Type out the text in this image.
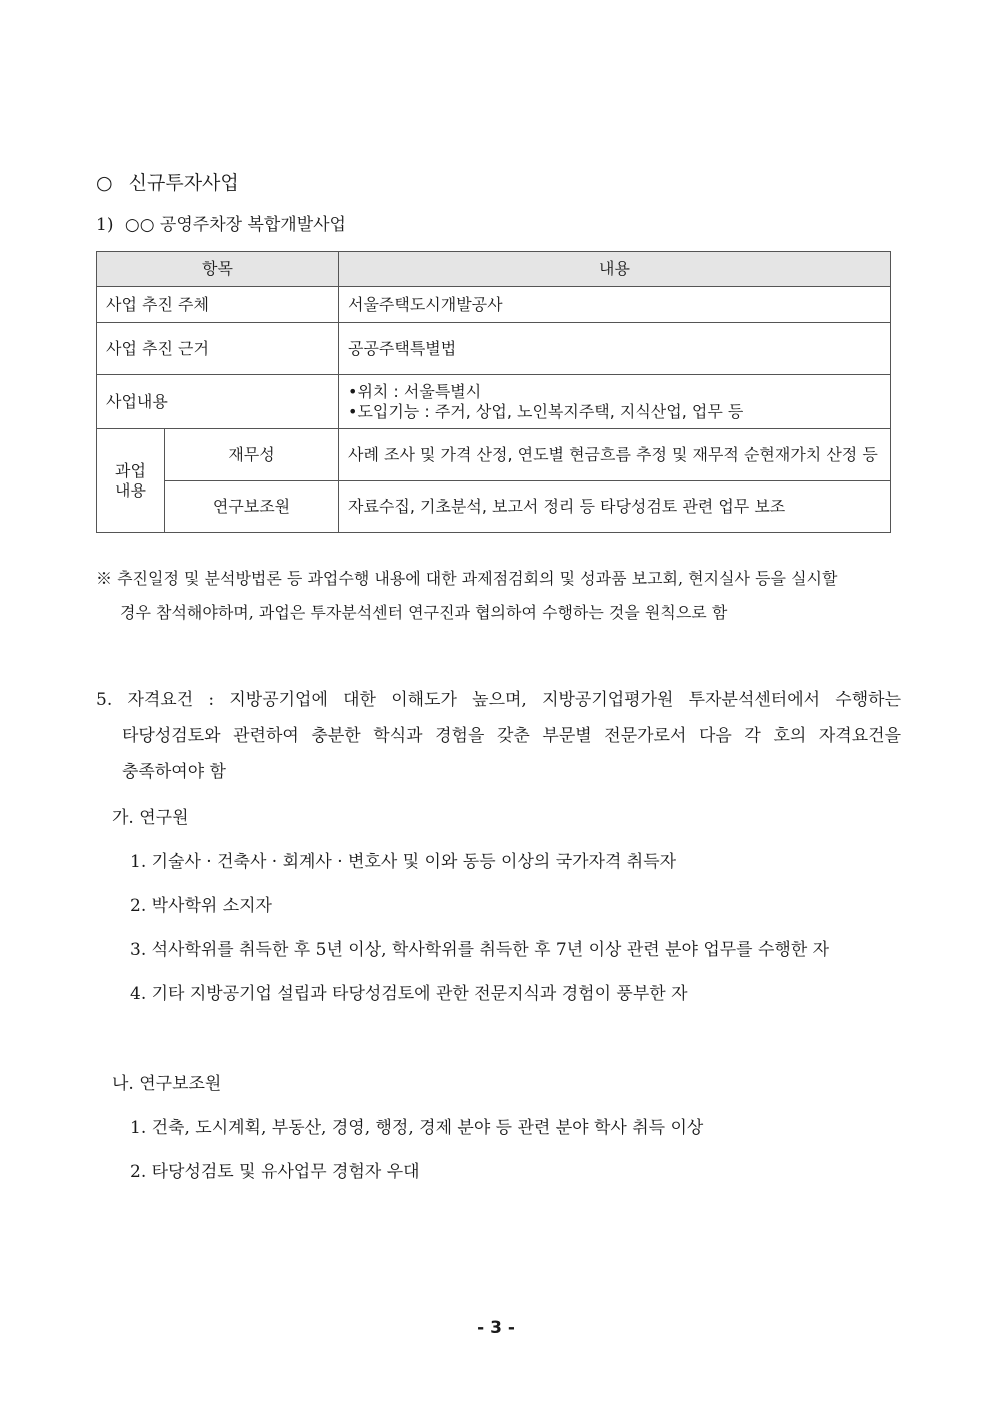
○ 신규투자사업
1) ○○ 공영주차장 복합개발사업
항목		내용
사업 추진 주체		서울주택도시개발공사
사업 추진 근거		공공주택특별법
사업내용		•위치 : 서울특별시
•도입기능 : 주거, 상업, 노인복지주택, 지식산업, 업무 등

과업
내용	재무성	사례 조사 및 가격 산정, 연도별 현금흐름 추정 및 재무적 순현재가치 산정 등
	연구보조원	자료수집, 기초분석, 보고서 정리 등 타당성검토 관련 업무 보조
※ 추진일정 및 분석방법론 등 과업수행 내용에 대한 과제점검회의 및 성과품 보고회, 현지실사 등을 실시할
경우 참석해야하며, 과업은 투자분석센터 연구진과 협의하여 수행하는 것을 원칙으로 함
5. 자격요건 : 지방공기업에 대한 이해도가 높으며, 지방공기업평가원 투자분석센터에서 수행하는
타당성검토와 관련하여 충분한 학식과 경험을 갖춘 부문별 전문가로서 다음 각 호의 자격요건을
충족하여야 함
가. 연구원
1. 기술사 · 건축사 · 회계사 · 변호사 및 이와 동등 이상의 국가자격 취득자
2. 박사학위 소지자
3. 석사학위를 취득한 후 5년 이상, 학사학위를 취득한 후 7년 이상 관련 분야 업무를 수행한 자
4. 기타 지방공기업 설립과 타당성검토에 관한 전문지식과 경험이 풍부한 자
나. 연구보조원
1. 건축, 도시계획, 부동산, 경영, 행정, 경제 분야 등 관련 분야 학사 취득 이상
2. 타당성검토 및 유사업무 경험자 우대
- 3 -
